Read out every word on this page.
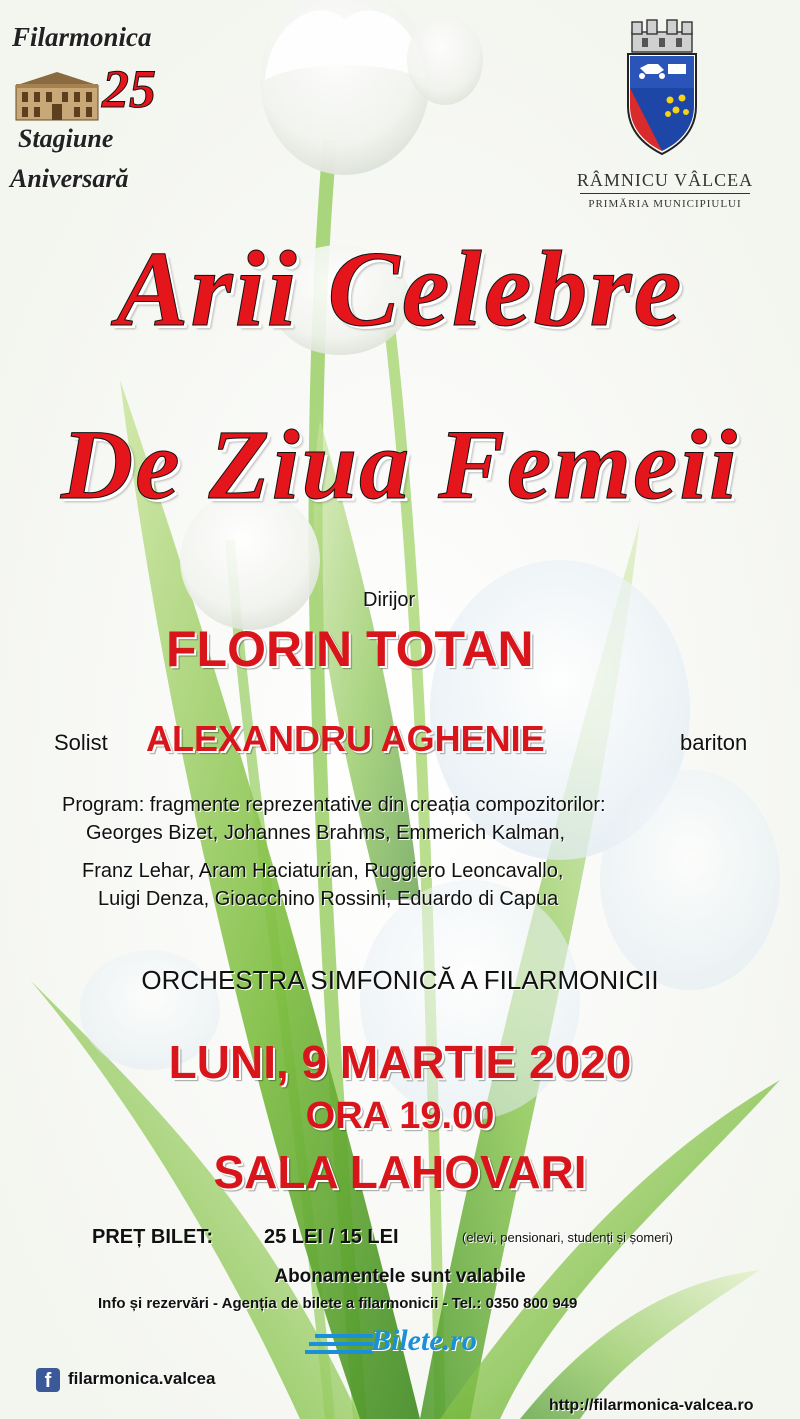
Filarmonica
25
Stagiune
Aniversară	RÂMNICU VÂLCEA
PRIMĂRIA MUNICIPIULUI
Arii Celebre
De Ziua Femeii
Dirijor
FLORIN TOTAN
Solist ALEXANDRU AGHENIE	bariton
Program: fragmente reprezentative din creația compozitorilor:
Georges Bizet, Johannes Brahms, Emmerich Kalman,
Franz Lehar, Aram Haciaturian, Ruggiero Leoncavallo,
Luigi Denza, Gioacchino Rossini, Eduardo di Capua
ORCHESTRA SIMFONICĂ A FILARMONICII
LUNI, 9 MARTIE 2020
ORA 19.00
SALA LAHOVARI
PREȚ BILET:	25 LEI / 15 LEI	(elevi, pensionari, studenți și șomeri)
Abonamentele sunt valabile
Info și rezervări - Agenția de bilete a filarmonicii - Tel.: 0350 800 949
Bilete.ro
f filarmonica.valcea
http://filarmonica-valcea.ro
